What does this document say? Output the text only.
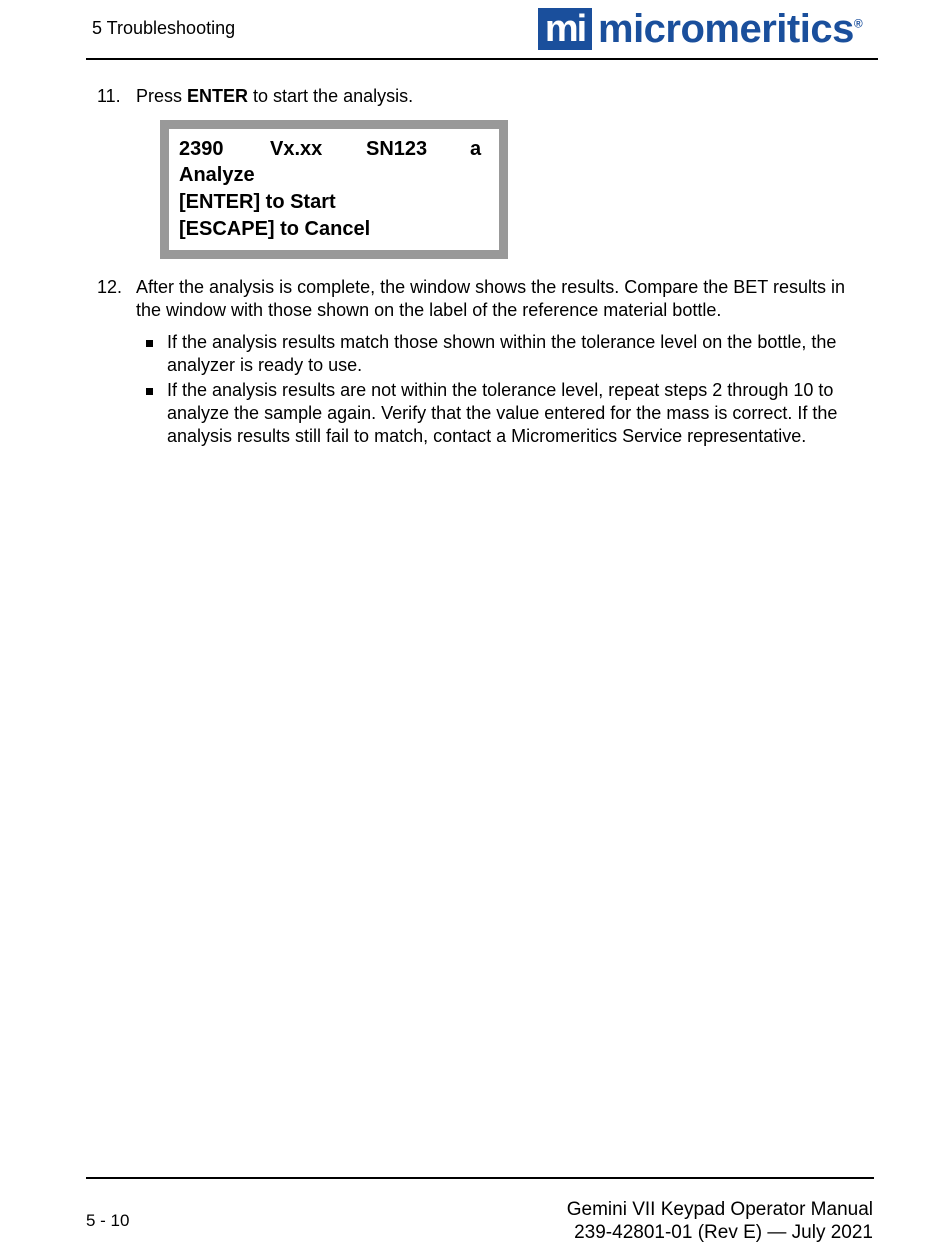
5 Troubleshooting	mi micromeritics®
11. Press ENTER to start the analysis.
2390 Vx.xx SN123 a
Analyze
[ENTER] to Start
[ESCAPE] to Cancel
12. After the analysis is complete, the window shows the results. Compare the BET results in the window with those shown on the label of the reference material bottle.
If the analysis results match those shown within the tolerance level on the bottle, the analyzer is ready to use.
If the analysis results are not within the tolerance level, repeat steps 2 through 10 to analyze the sample again. Verify that the value entered for the mass is correct. If the analysis results still fail to match, contact a Micromeritics Service representative.
5 - 10
Gemini VII Keypad Operator Manual
239-42801-01 (Rev E) — July 2021
